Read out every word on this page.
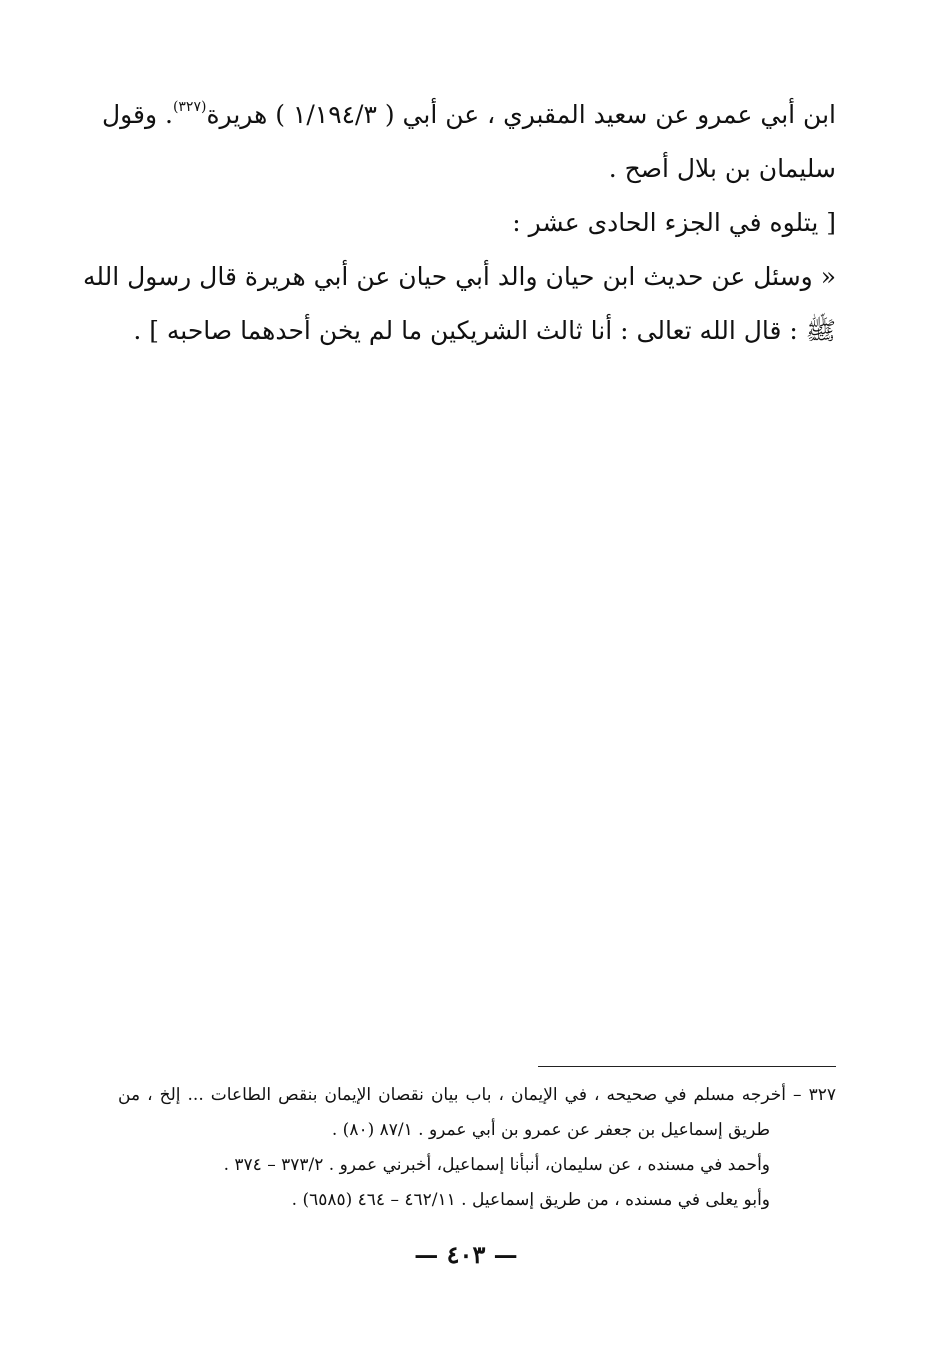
ابن أبي عمرو عن سعيد المقبري ، عن أبي ( ١/١٩٤/٣ ) هريرة$^{(٣٢٧)}$. وقول
سليمان بن بلال أصح .
[ يتلوه في الجزء الحادى عشر :
« وسئل عن حديث ابن حيان والد أبي حيان عن أبي هريرة قال رسول الله
ﷺ : قال الله تعالى : أنا ثالث الشريكين ما لم يخن أحدهما صاحبه ] .
٣٢٧ – أخرجه مسلم في صحيحه ، في الإيمان ، باب بيان نقصان الإيمان بنقص الطاعات ... إلخ ، من
طريق إسماعيل بن جعفر عن عمرو بن أبي عمرو . ٨٧/١ (٨٠) .
وأحمد في مسنده ، عن سليمان، أنبأنا إسماعيل، أخبرني عمرو . ٣٧٣/٢ – ٣٧٤ .
وأبو يعلى في مسنده ، من طريق إسماعيل . ٤٦٢/١١ – ٤٦٤ (٦٥٨٥) .
— ٤٠٣ —
